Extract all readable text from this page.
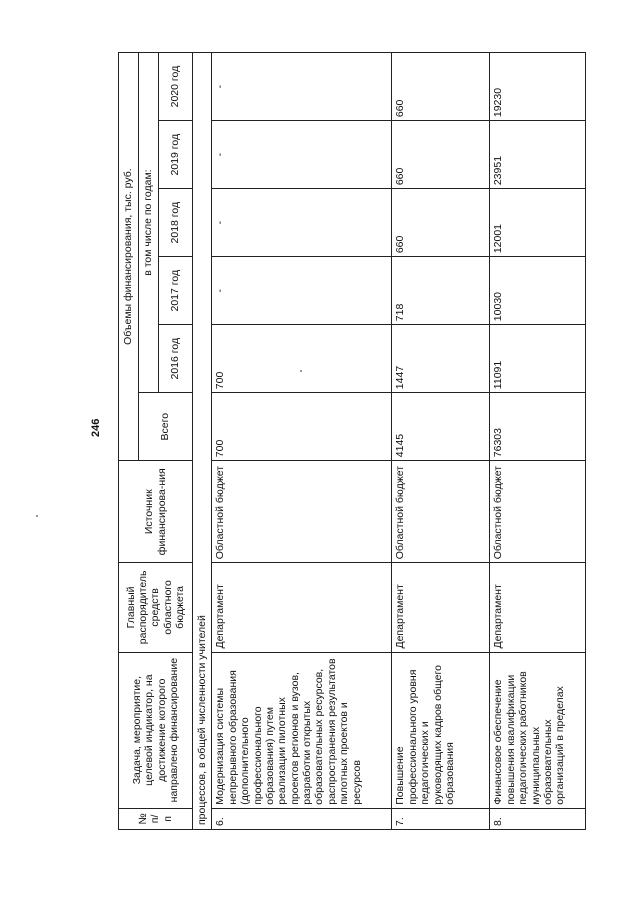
246
№
п/п	Задача, мероприятие, целевой индикатор, на достижение которого направлено финансирование	Главный распорядитель средств областного бюджета	Источник финансирова-ния	Объемы финансирования, тыс. руб.					
				Всего	в том числе по годам:				
					2016 год	2017 год	2018 год	2019 год	2020 год
процессов, в общей численности учителей									
6.	Модернизация системы непрерывного образования (дополнительного профессионального образования) путем реализации пилотных проектов регионов и вузов, разработки открытых образовательных ресурсов, распространения результатов пилотных проектов и ресурсов	Департамент	Областной бюджет	700	700	-	-	-	-
7.	Повышение профессионального уровня педагогических и руководящих кадров общего образования	Департамент	Областной бюджет	4145	1447	718	660	660	660
8.	Финансовое обеспечение повышения квалификации педагогических работников муниципальных образовательных организаций в пределах	Департамент	Областной бюджет	76303	11091	10030	12001	23951	19230
